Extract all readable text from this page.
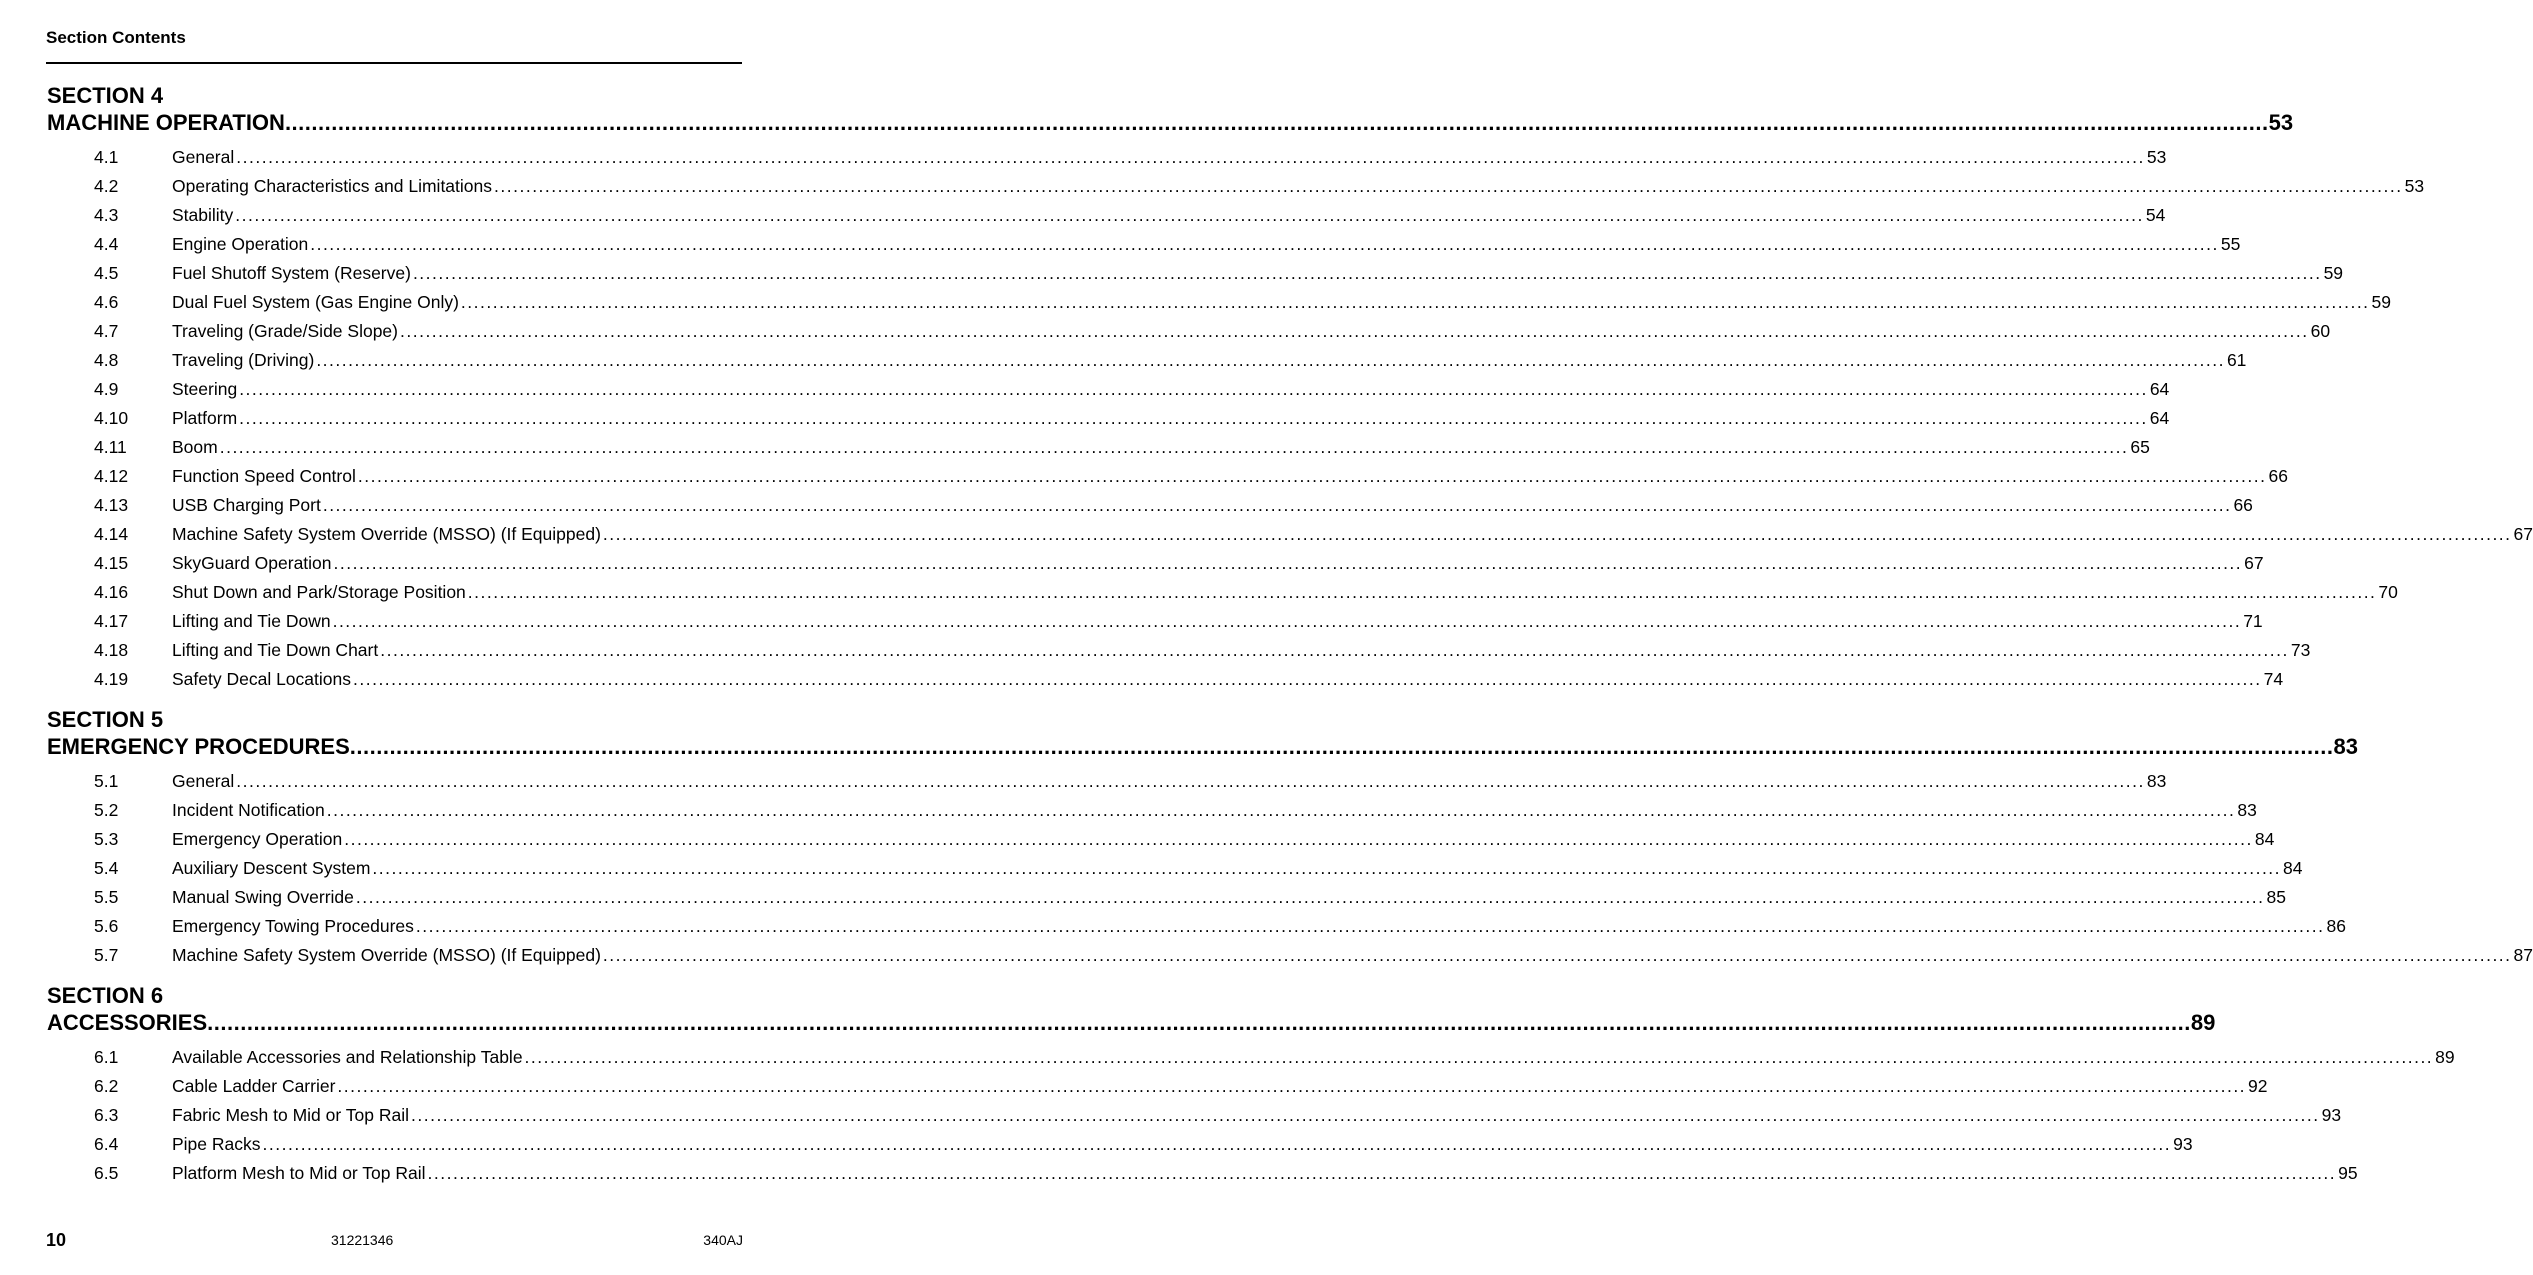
Section Contents
SECTION 4
MACHINE OPERATION ............................................................................................................................................................................................................................................................................................................ 53
4.1	General ............................................................................................................................................................................................................................................................................................................ 53
4.2	Operating Characteristics and Limitations ............................................................................................................................................................................................................................................................................................................ 53
4.3	Stability ............................................................................................................................................................................................................................................................................................................ 54
4.4	Engine Operation ............................................................................................................................................................................................................................................................................................................ 55
4.5	Fuel Shutoff System (Reserve) ............................................................................................................................................................................................................................................................................................................ 59
4.6	Dual Fuel System (Gas Engine Only) ............................................................................................................................................................................................................................................................................................................ 59
4.7	Traveling (Grade/Side Slope) ............................................................................................................................................................................................................................................................................................................ 60
4.8	Traveling (Driving) ............................................................................................................................................................................................................................................................................................................ 61
4.9	Steering ............................................................................................................................................................................................................................................................................................................ 64
4.10	Platform ............................................................................................................................................................................................................................................................................................................ 64
4.11	Boom ............................................................................................................................................................................................................................................................................................................ 65
4.12	Function Speed Control ............................................................................................................................................................................................................................................................................................................ 66
4.13	USB Charging Port ............................................................................................................................................................................................................................................................................................................ 66
4.14	Machine Safety System Override (MSSO) (If Equipped) ............................................................................................................................................................................................................................................................................................................ 67
4.15	SkyGuard Operation ............................................................................................................................................................................................................................................................................................................ 67
4.16	Shut Down and Park/Storage Position ............................................................................................................................................................................................................................................................................................................ 70
4.17	Lifting and Tie Down ............................................................................................................................................................................................................................................................................................................ 71
4.18	Lifting and Tie Down Chart ............................................................................................................................................................................................................................................................................................................ 73
4.19	Safety Decal Locations ............................................................................................................................................................................................................................................................................................................ 74
SECTION 5
EMERGENCY PROCEDURES ............................................................................................................................................................................................................................................................................................................ 83
5.1	General ............................................................................................................................................................................................................................................................................................................ 83
5.2	Incident Notification ............................................................................................................................................................................................................................................................................................................ 83
5.3	Emergency Operation ............................................................................................................................................................................................................................................................................................................ 84
5.4	Auxiliary Descent System ............................................................................................................................................................................................................................................................................................................ 84
5.5	Manual Swing Override ............................................................................................................................................................................................................................................................................................................ 85
5.6	Emergency Towing Procedures ............................................................................................................................................................................................................................................................................................................ 86
5.7	Machine Safety System Override (MSSO) (If Equipped) ............................................................................................................................................................................................................................................................................................................ 87
SECTION 6
ACCESSORIES ............................................................................................................................................................................................................................................................................................................ 89
6.1	Available Accessories and Relationship Table ............................................................................................................................................................................................................................................................................................................ 89
6.2	Cable Ladder Carrier ............................................................................................................................................................................................................................................................................................................ 92
6.3	Fabric Mesh to Mid or Top Rail ............................................................................................................................................................................................................................................................................................................ 93
6.4	Pipe Racks ............................................................................................................................................................................................................................................................................................................ 93
6.5	Platform Mesh to Mid or Top Rail ............................................................................................................................................................................................................................................................................................................ 95
10	31221346	340AJ
